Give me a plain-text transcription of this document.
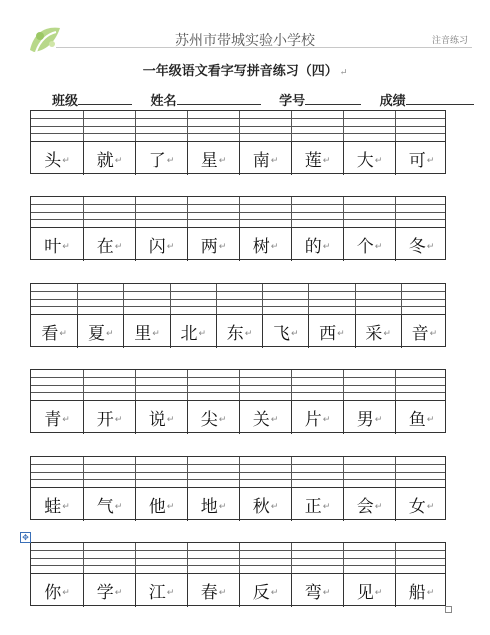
苏州市带城实验小学校	注音练习
一年级语文看字写拼音练习（四） ↵
班级	姓名	学号	成绩
头 ↵ 就 ↵ 了 ↵ 星 ↵ 南 ↵ 莲 ↵ 大 ↵ 可 ↵
叶 ↵ 在 ↵ 闪 ↵ 两 ↵ 树 ↵ 的 ↵ 个 ↵ 冬 ↵
看 ↵ 夏 ↵ 里 ↵ 北 ↵ 东 ↵ 飞 ↵ 西 ↵ 采 ↵ 音 ↵
青 ↵ 开 ↵ 说 ↵ 尖 ↵ 关 ↵ 片 ↵ 男 ↵ 鱼 ↵
蛙 ↵ 气 ↵ 他 ↵ 地 ↵ 秋 ↵ 正 ↵ 会 ↵ 女 ↵
你 ↵ 学 ↵ 江 ↵ 春 ↵ 反 ↵ 弯 ↵ 见 ↵ 船 ↵
✥
